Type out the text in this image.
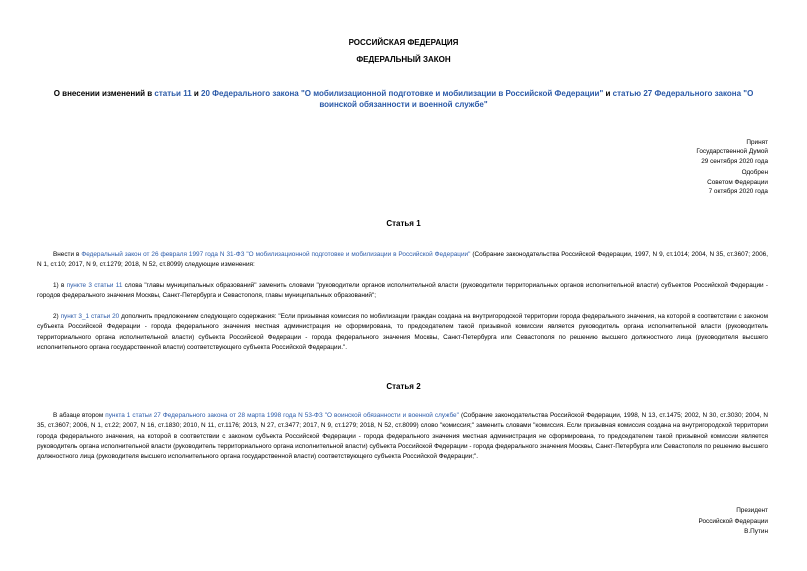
РОССИЙСКАЯ ФЕДЕРАЦИЯ
ФЕДЕРАЛЬНЫЙ ЗАКОН
О внесении изменений в статьи 11 и 20 Федерального закона "О мобилизационной подготовке и мобилизации в Российской Федерации" и статью 27 Федерального закона "О воинской обязанности и военной службе"
Принят
Государственной Думой
29 сентября 2020 года
Одобрен
Советом Федерации
7 октября 2020 года
Статья 1
Внести в Федеральный закон от 26 февраля 1997 года N 31-ФЗ "О мобилизационной подготовке и мобилизации в Российской Федерации" (Собрание законодательства Российской Федерации, 1997, N 9, ст.1014; 2004, N 35, ст.3607; 2006, N 1, ст.10; 2017, N 9, ст.1279; 2018, N 52, ст.8099) следующие изменения:
1) в пункте 3 статьи 11 слова "главы муниципальных образований" заменить словами "руководители органов исполнительной власти (руководители территориальных органов исполнительной власти) субъектов Российской Федерации - городов федерального значения Москвы, Санкт-Петербурга и Севастополя, главы муниципальных образований";
2) пункт 3_1 статьи 20 дополнить предложением следующего содержания: "Если призывная комиссия по мобилизации граждан создана на внутригородской территории города федерального значения, на которой в соответствии с законом субъекта Российской Федерации - города федерального значения местная администрация не сформирована, то председателем такой призывной комиссии является руководитель органа исполнительной власти (руководитель территориального органа исполнительной власти) субъекта Российской Федерации - города федерального значения Москвы, Санкт-Петербурга или Севастополя по решению высшего должностного лица (руководителя высшего исполнительного органа государственной власти) соответствующего субъекта Российской Федерации.".
Статья 2
В абзаце втором пункта 1 статьи 27 Федерального закона от 28 марта 1998 года N 53-ФЗ "О воинской обязанности и военной службе" (Собрание законодательства Российской Федерации, 1998, N 13, ст.1475; 2002, N 30, ст.3030; 2004, N 35, ст.3607; 2006, N 1, ст.22; 2007, N 16, ст.1830; 2010, N 11, ст.1176; 2013, N 27, ст.3477; 2017, N 9, ст.1279; 2018, N 52, ст.8099) слово "комиссия;" заменить словами "комиссия. Если призывная комиссия создана на внутригородской территории города федерального значения, на которой в соответствии с законом субъекта Российской Федерации - города федерального значения местная администрация не сформирована, то председателем такой призывной комиссии является руководитель органа исполнительной власти (руководитель территориального органа исполнительной власти) субъекта Российской Федерации - города федерального значения Москвы, Санкт-Петербурга или Севастополя по решению высшего должностного лица (руководителя высшего исполнительного органа государственной власти) соответствующего субъекта Российской Федерации;".
Президент
Российской Федерации
В.Путин
